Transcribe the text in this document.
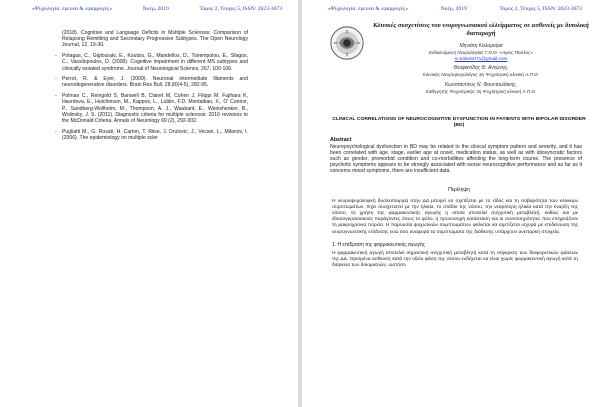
«Ψυχολογία: έρευνα & εφαρμογές»	Νοέμ, 2019	Τόμος 2, Τεύχος 5, ISSN: 2623-3673
(2018). Cognitive and Language Deficits in Multiple Sclerosis: Comparison of Relapsing Remitting and Secondary Progressive Subtypes. The Open Neurology Journal, 12, 19-30.
- Potagas, C., Giglouraki, E., Koutsis, G., Mandellos, D., Tsirempolou, E., Sfagos, C., Vassilopoulos, D. (2008). Cognitive impairment in different MS subtypes and clinically isolated syndrome. Journal of Neurological Science, 267, 100-106.
- Perrot, R. & Eyer, J. (2009). Neuronal intermediate filaments and neurodegenerative disorders. Brain Res Bull, 28,80(4-5), 282-95.
- Polman C., Reingold S, Banwell B, Clanet M, Cohen J, Filippi M, Fujihara K, Havrdova, E., Hutchinson, M., Kappos, L., Lublin, F.D. Montalban, X., O' Connor, P., Sandberg-Wollheim, M., Thompson, A. J., Waubant, E., Weinshenker, B., Wolinsky, J. S. (2011). Diagnostic criteria for multiple sclerosis: 2010 revisions to the McDonald Criteria. Annals of Neurology 69 (2), 292-302.
- Pugliatti M., G. Rosati, H. Carton, T. Riise, J. Drulovic, J., Vecsei, L., Milanov, I. (2006). The epidemiology on multiple scler
«Ψυχολογία: έρευνα & εφαρμογές»	Νοέμ, 2019	Τόμος 2, Τεύχος 5, ISSN: 2623-3673
Κλινικές συσχετίσεις του νευρογνωσιακού ελλείμματος σε ασθενείς με διπολική διαταραχή
Μηνιάτη Καλομοίρα
Ειδικευόμενη Νευρολογίας Γ.Ν.Θ. «Αγιος Παύλος»
m.kalomiri71@gmail.com
Θεοφανίδης Θ. Αντώνης,
Κλινικός Νευροψυχολόγος 3η Ψυχιατρική κλινική Α.Π.Θ.
Κωνσταντίνος Ν. Φουντουλάκης,
Καθηγητής Ψυχιατρικής 3η Ψυχιατρική κλινική Α.Π.Θ.
CLINICAL CORRELATIONS OF NEUROCOGNITIVE DYSFUNCTION IN PATIENTS WITH BIPOLAR DISORDER (BD)
Abstract
Neuropsychological dysfunction in BD may be related to the clinical symptom pattern and severity, and it has been correlated with age, stage, earlier age at onset, medication status, as well as with idiosyncratic factors such as gender, premorbid condition and co-morbidities affecting the long-term course. The presence of psychotic symptoms appears to be strongly associated with worse neurocognitive performance and as far as it concerns mood symptoms, there are insufficient data.
Περίληψη
Η νευροψυχολογική δυσλειτουργία στην ΔΔ μπορεί να σχετίζεται με το είδος και τη σοβαρότητα των κλινικών συμπτωμάτων. Έχει συσχετιστεί με την ηλικία, το στάδιο της νόσου, την νεαρότερη ηλικία κατά την έναρξη της νόσου, τη χρήση της φαρμακευτικής αγωγής η οποία αποτελεί συγχυτική μεταβλητή, καθώς και με ιδιοσυγκρασιακούς παράγοντες όπως το φύλο, η προνοσηρή κατάσταση και οι συννοσηρότητες που επηρεάζουν τη μακροχρόνια πορεία. Η παρουσία ψυχωτικών συμπτωμάτων φαίνεται να σχετίζεται ισχυρά με επιδείνωση της νευρογνωστικής επίδοσης ενώ όσο αναφορά τα συμπτώματα της διάθεσης υπάρχουν ανεπαρκή στοιχεία.
1. Η επίδραση της φαρμακευτικής αγωγής
Η φαρμακευτική αγωγή αποτελεί σημαντική συγχυτική μεταβλητή κατά τη σύγκριση των διαφορετικών φάσεων της ΔΔ. Ορισμένα ασθενείς κατά την οξεία φάση της νόσου ενδέχεται να είναι χωρίς φαρμακευτική αγωγή κατά τη διάρκεια των δοκιμασιών, ωστόσο
